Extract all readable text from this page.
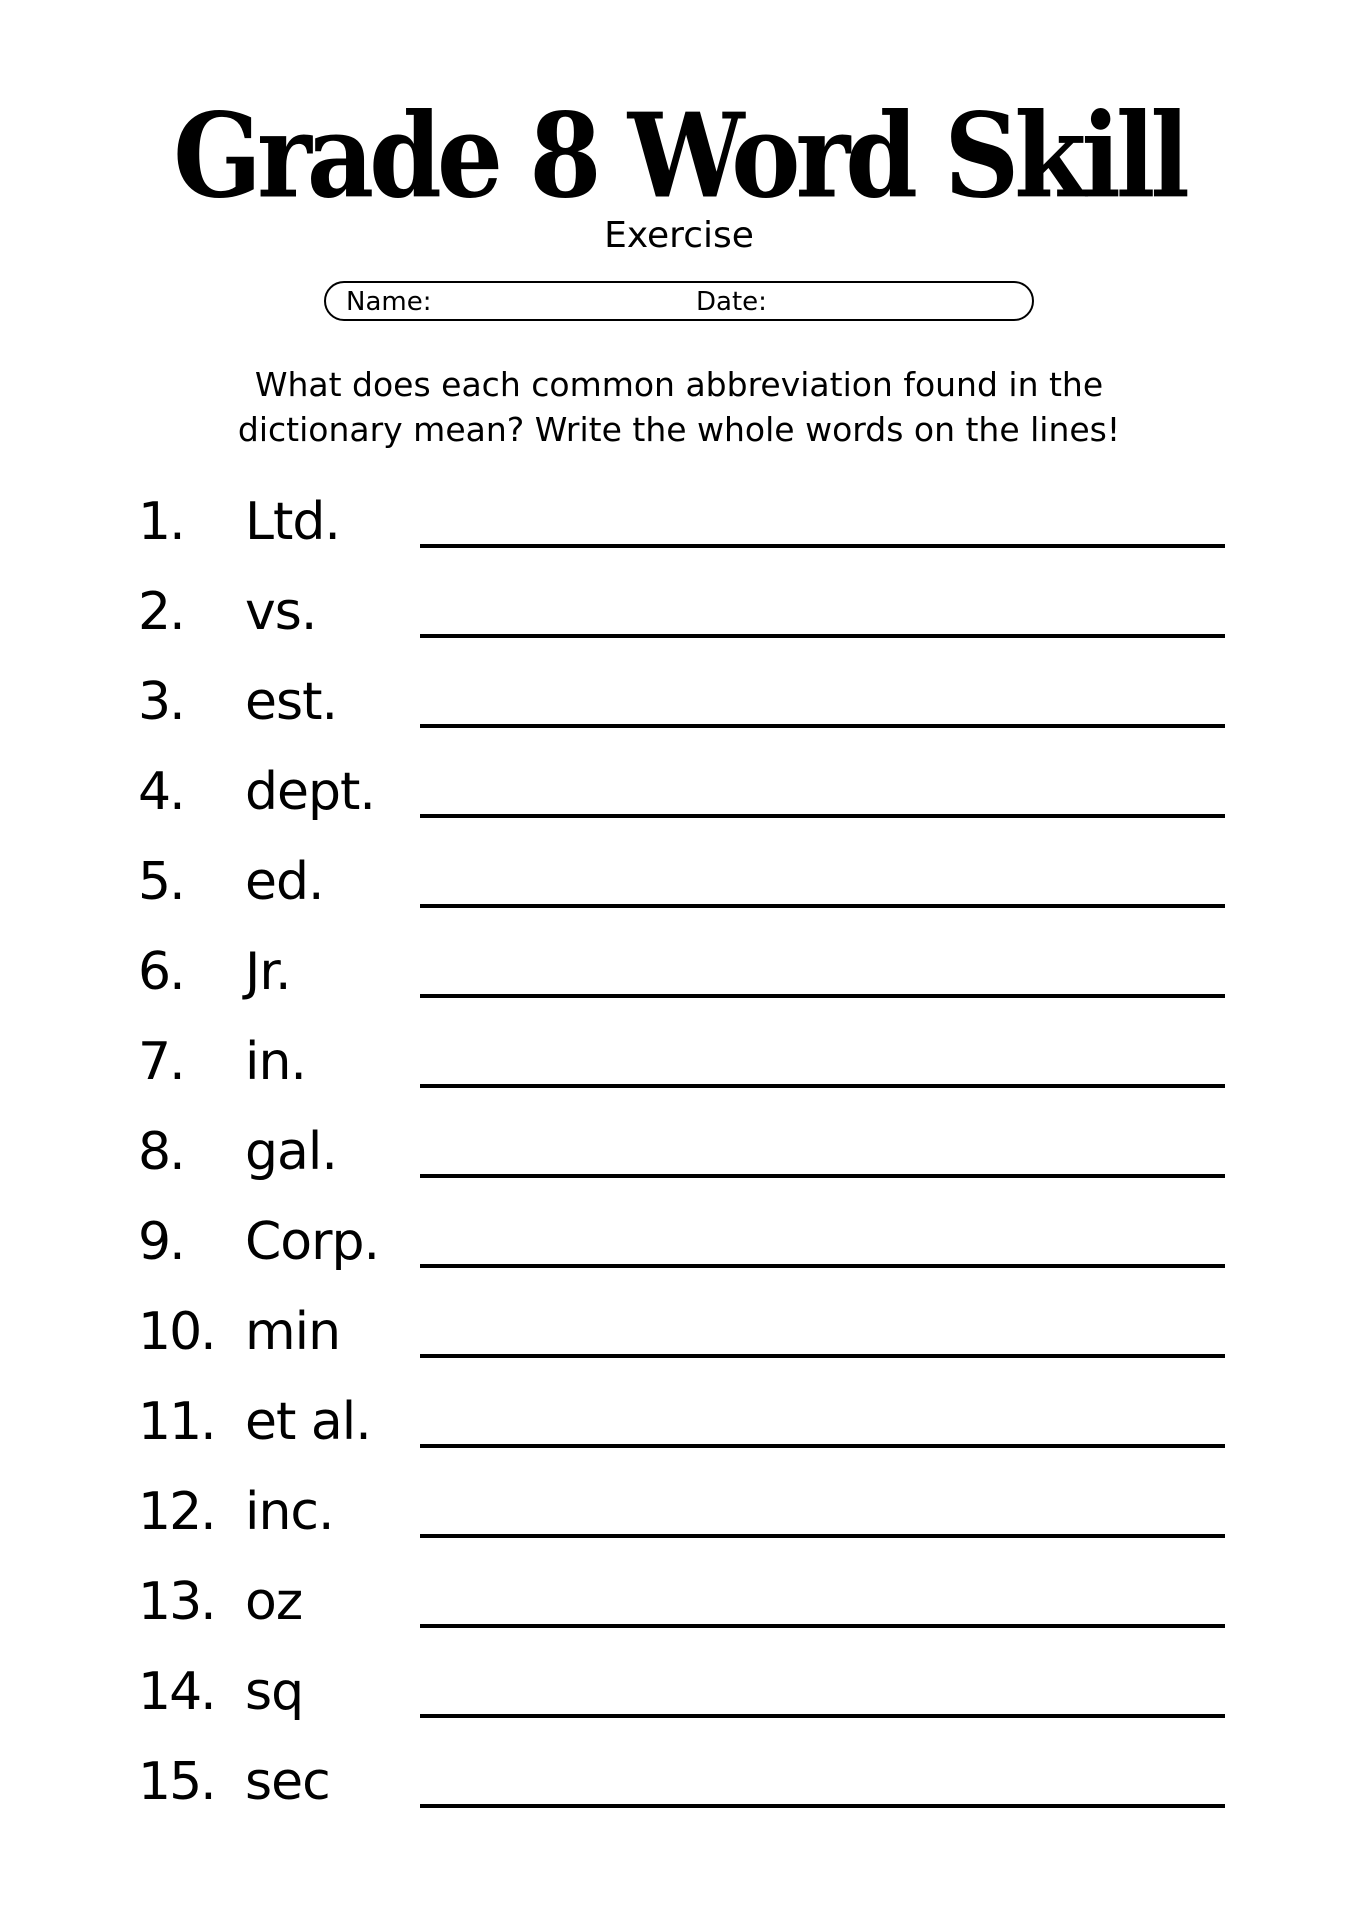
Grade 8 Word Skill
Exercise
Name:	Date:
What does each common abbreviation found in the dictionary mean? Write the whole words on the lines!
1. Ltd.
2. vs.
3. est.
4. dept.
5. ed.
6. Jr.
7. in.
8. gal.
9. Corp.
10. min
11. et al.
12. inc.
13. oz
14. sq
15. sec
